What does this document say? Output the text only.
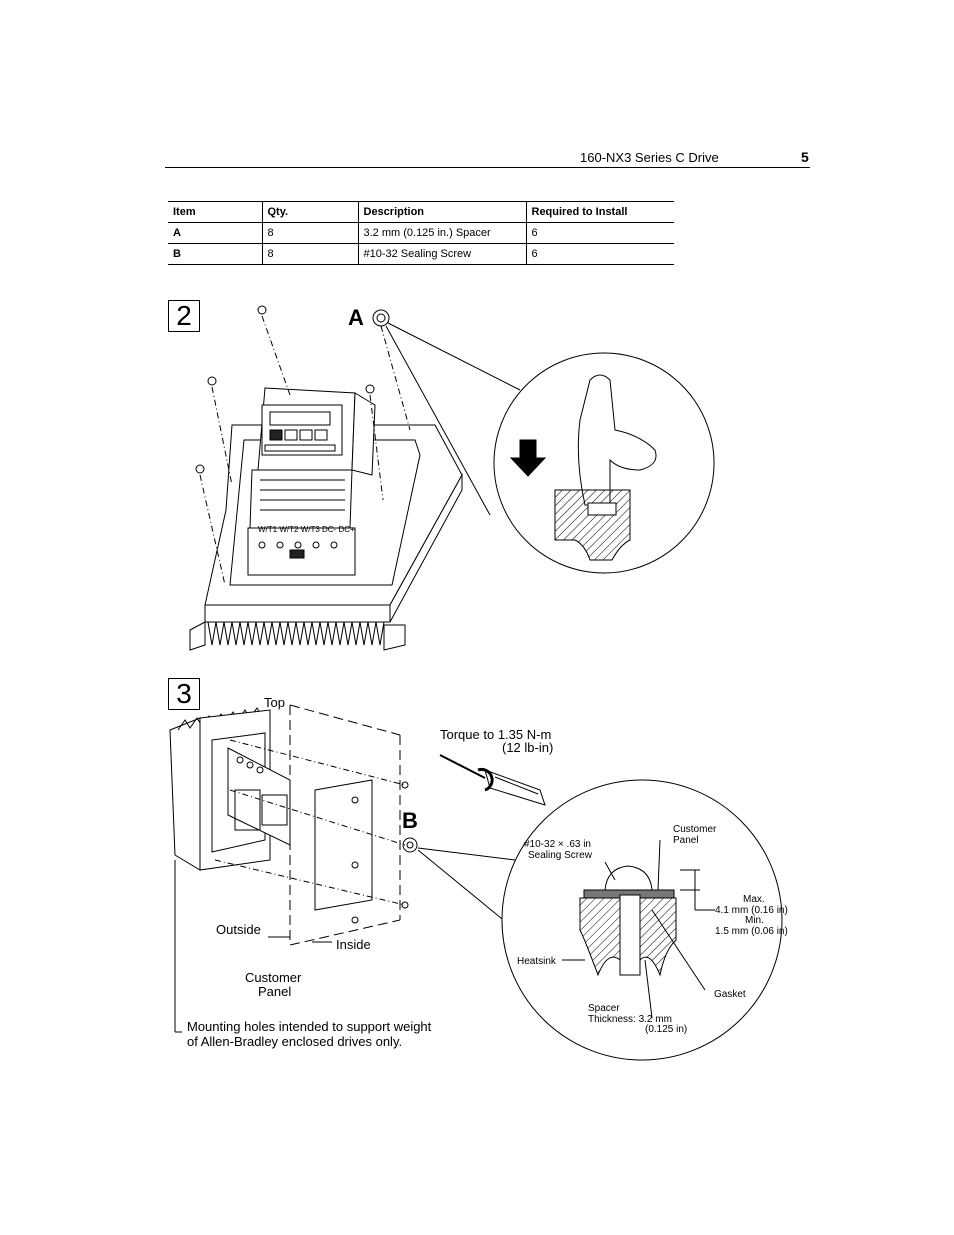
160-NX3 Series C Drive	5
Item	Qty.	Description	Required to Install
A	8	3.2 mm (0.125 in.) Spacer	6
B	8	#10-32 Sealing Screw	6
2
3
W/T1 W/T2 W/T3 DC- DC+
A
B
Top
Torque to 1.35 N-m
(12 lb-in)
Outside
Inside
Customer
Panel
Mounting holes intended to support weight
of Allen-Bradley enclosed drives only.
#10-32 × .63 in
Sealing Screw
Customer
Panel
Max.
4.1 mm (0.16 in)
Min.
1.5 mm (0.06 in)
Heatsink
Gasket
Spacer
Thickness: 3.2 mm
(0.125 in)
